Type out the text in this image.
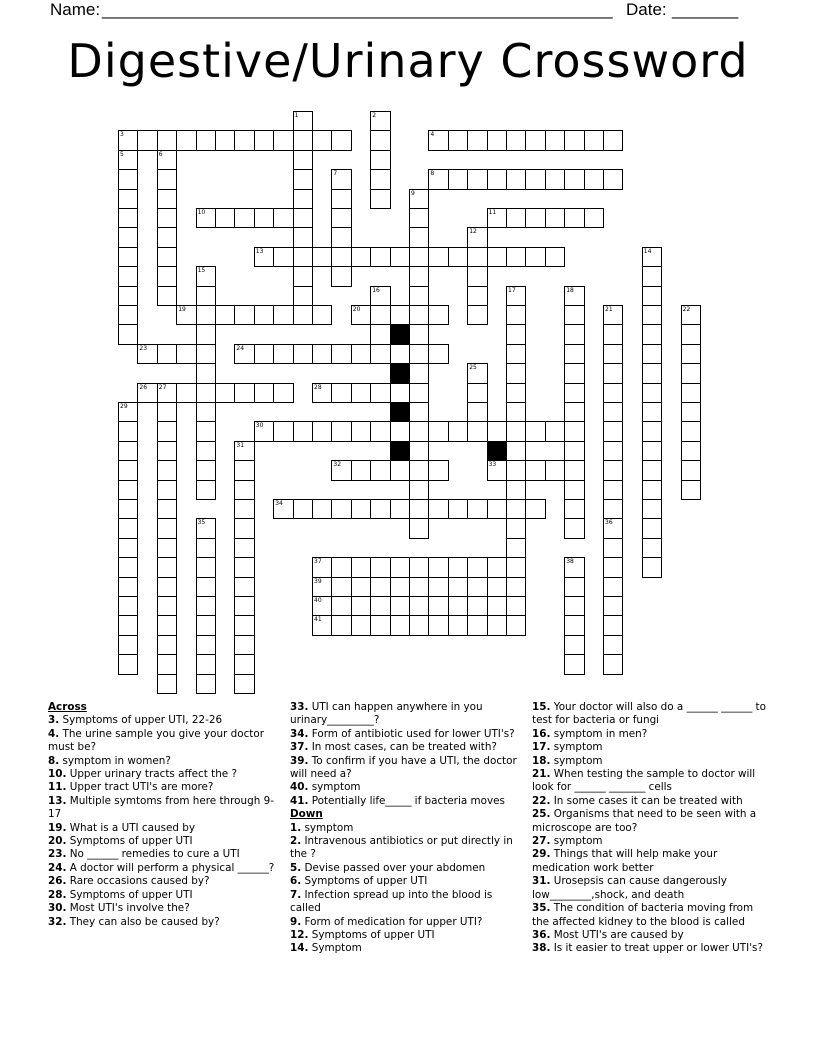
Name: ______________________________________________________ Date: _______
Digestive/Urinary Crossword
3	4
8
10	11
13
19	20
23	24
26	28
30
32	33
34
37
39
40
41
1	2
5	6
7
9
12
14
15
16	17	18
21	22
25
27
29
31
35	36
38
Across
3. Symptoms of upper UTI, 22-26
4. The urine sample you give your doctor must be?
8. symptom in women?
10. Upper urinary tracts affect the ?
11. Upper tract UTI's are more?
13. Multiple symtoms from here through 9-17
19. What is a UTI caused by
20. Symptoms of upper UTI
23. No ______ remedies to cure a UTI
24. A doctor will perform a physical ______?
26. Rare occasions caused by?
28. Symptoms of upper UTI
30. Most UTI's involve the?
32. They can also be caused by?
33. UTI can happen anywhere in you urinary_________?
34. Form of antibiotic used for lower UTI's?
37. In most cases, can be treated with?
39. To confirm if you have a UTI, the doctor will need a?
40. symptom
41. Potentially life_____ if bacteria moves
Down
1. symptom
2. Intravenous antibiotics or put directly in the ?
5. Devise passed over your abdomen
6. Symptoms of upper UTI
7. Infection spread up into the blood is called
9. Form of medication for upper UTI?
12. Symptoms of upper UTI
14. Symptom
15. Your doctor will also do a ______ ______ to test for bacteria or fungi
16. symptom in men?
17. symptom
18. symptom
21. When testing the sample to doctor will look for ______ _______ cells
22. In some cases it can be treated with
25. Organisms that need to be seen with a microscope are too?
27. symptom
29. Things that will help make your medication work better
31. Urosepsis can cause dangerously low________,shock, and death
35. The condition of bacteria moving from the affected kidney to the blood is called
36. Most UTI's are caused by
38. Is it easier to treat upper or lower UTI's?
